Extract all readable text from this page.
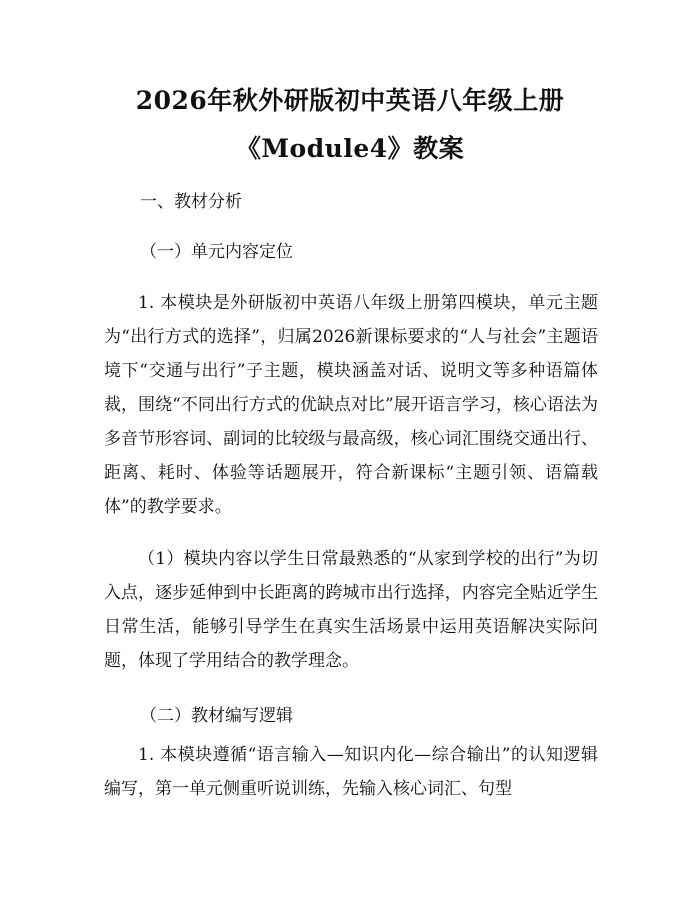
2026年秋外研版初中英语八年级上册
《Module4》教案
一、教材分析
（一）单元内容定位
1. 本模块是外研版初中英语八年级上册第四模块，单元主题为“出行方式的选择”，归属2026新课标要求的“人与社会”主题语境下“交通与出行”子主题，模块涵盖对话、说明文等多种语篇体裁，围绕“不同出行方式的优缺点对比”展开语言学习，核心语法为多音节形容词、副词的比较级与最高级，核心词汇围绕交通出行、距离、耗时、体验等话题展开，符合新课标“主题引领、语篇载体”的教学要求。
（1）模块内容以学生日常最熟悉的“从家到学校的出行”为切入点，逐步延伸到中长距离的跨城市出行选择，内容完全贴近学生日常生活，能够引导学生在真实生活场景中运用英语解决实际问题，体现了学用结合的教学理念。
（二）教材编写逻辑
1. 本模块遵循“语言输入—知识内化—综合输出”的认知逻辑编写，第一单元侧重听说训练，先输入核心词汇、句型
